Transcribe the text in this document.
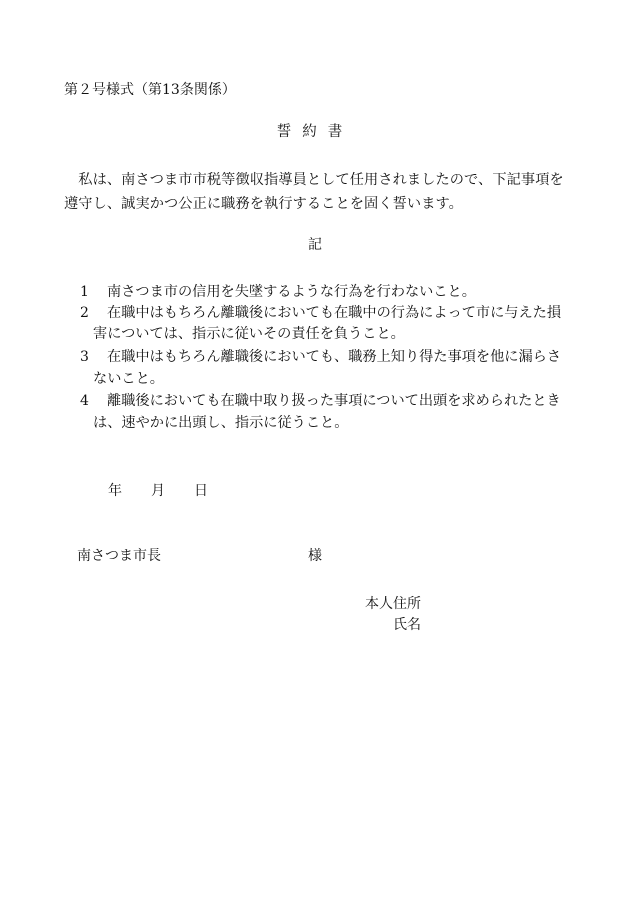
第２号様式（第13条関係）
誓約書
　私は、南さつま市市税等徴収指導員として任用されましたので、下記事項を
遵守し、誠実かつ公正に職務を執行することを固く誓います。
記
1 南さつま市の信用を失墜するような行為を行わないこと。
2 在職中はもちろん離職後においても在職中の行為によって市に与えた損
害については、指示に従いその責任を負うこと。
3 在職中はもちろん離職後においても、職務上知り得た事項を他に漏らさ
ないこと。
4 離職後においても在職中取り扱った事項について出頭を求められたとき
は、速やかに出頭し、指示に従うこと。
年 月 日
南さつま市長	様
本人住所
氏名
